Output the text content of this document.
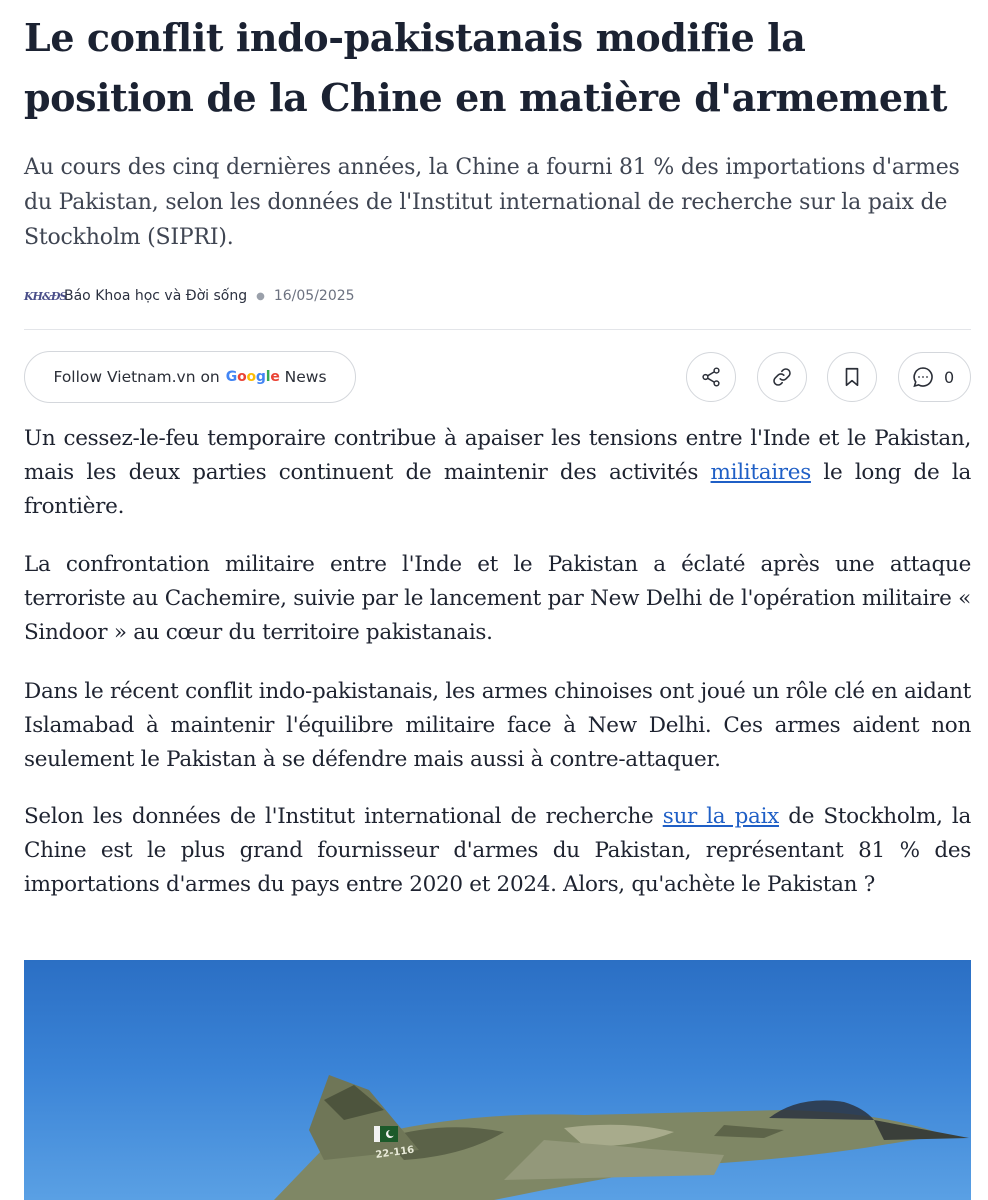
Le conflit indo-pakistanais modifie la position de la Chine en matière d'armement

Au cours des cinq dernières années, la Chine a fourni 81 % des importations d'armes du Pakistan, selon les données de l'Institut international de recherche sur la paix de Stockholm (SIPRI).

KH&ĐS
Báo Khoa học và Đời sống ● 16/05/2025
Follow Vietnam.vn on Google News	0

Un cessez-le-feu temporaire contribue à apaiser les tensions entre l'Inde et le Pakistan, mais les deux parties continuent de maintenir des activités militaires le long de la frontière.

La confrontation militaire entre l'Inde et le Pakistan a éclaté après une attaque terroriste au Cachemire, suivie par le lancement par New Delhi de l'opération militaire « Sindoor » au cœur du territoire pakistanais.

Dans le récent conflit indo-pakistanais, les armes chinoises ont joué un rôle clé en aidant Islamabad à maintenir l'équilibre militaire face à New Delhi. Ces armes aident non seulement le Pakistan à se défendre mais aussi à contre-attaquer.

Selon les données de l'Institut international de recherche sur la paix de Stockholm, la Chine est le plus grand fournisseur d'armes du Pakistan, représentant 81 % des importations d'armes du pays entre 2020 et 2024. Alors, qu'achète le Pakistan ?

22-116
